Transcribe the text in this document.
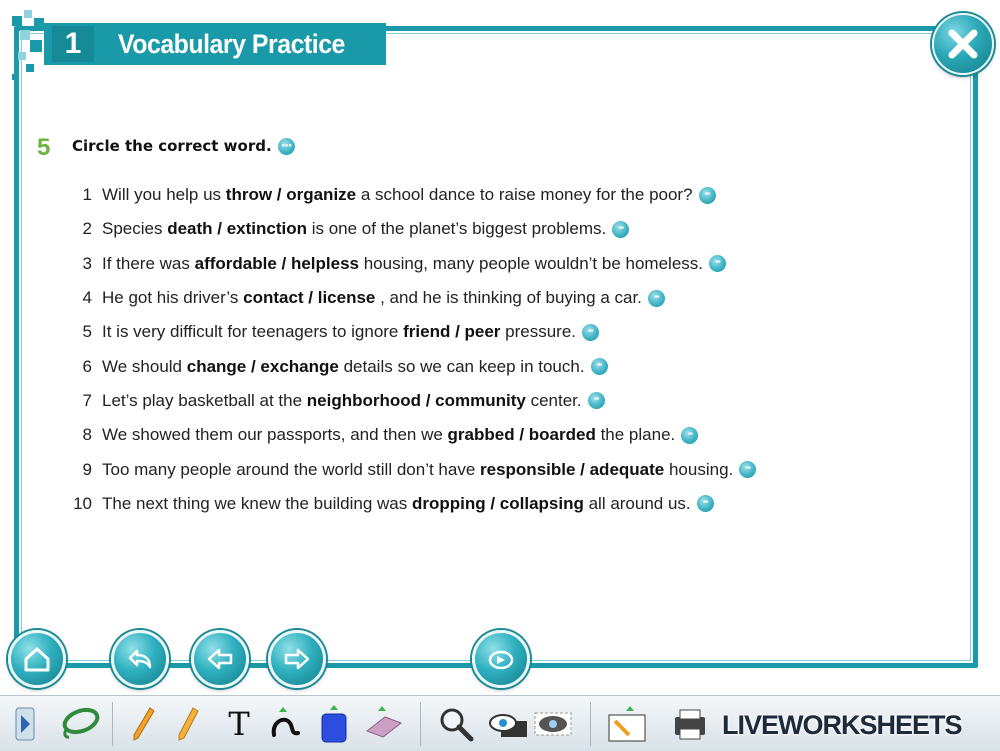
1	Vocabulary Practice
5 Circle the correct word.
•••
1 Will you help us throw / organize a school dance to raise money for the poor?
•••
2 Species death / extinction is one of the planet’s biggest problems.
•••
3 If there was affordable / helpless housing, many people wouldn’t be homeless.
•••
4 He got his driver’s contact / license , and he is thinking of buying a car.
•••
5 It is very difficult for teenagers to ignore friend / peer pressure.
•••
6 We should change / exchange details so we can keep in touch.
•••
7 Let’s play basketball at the neighborhood / community center.
•••
8 We showed them our passports, and then we grabbed / boarded the plane.
•••
9 Too many people around the world still don’t have responsible / adequate housing.
•••
10 The next thing we knew the building was dropping / collapsing all around us.
•••
T	LIVEWORKSHEETS
